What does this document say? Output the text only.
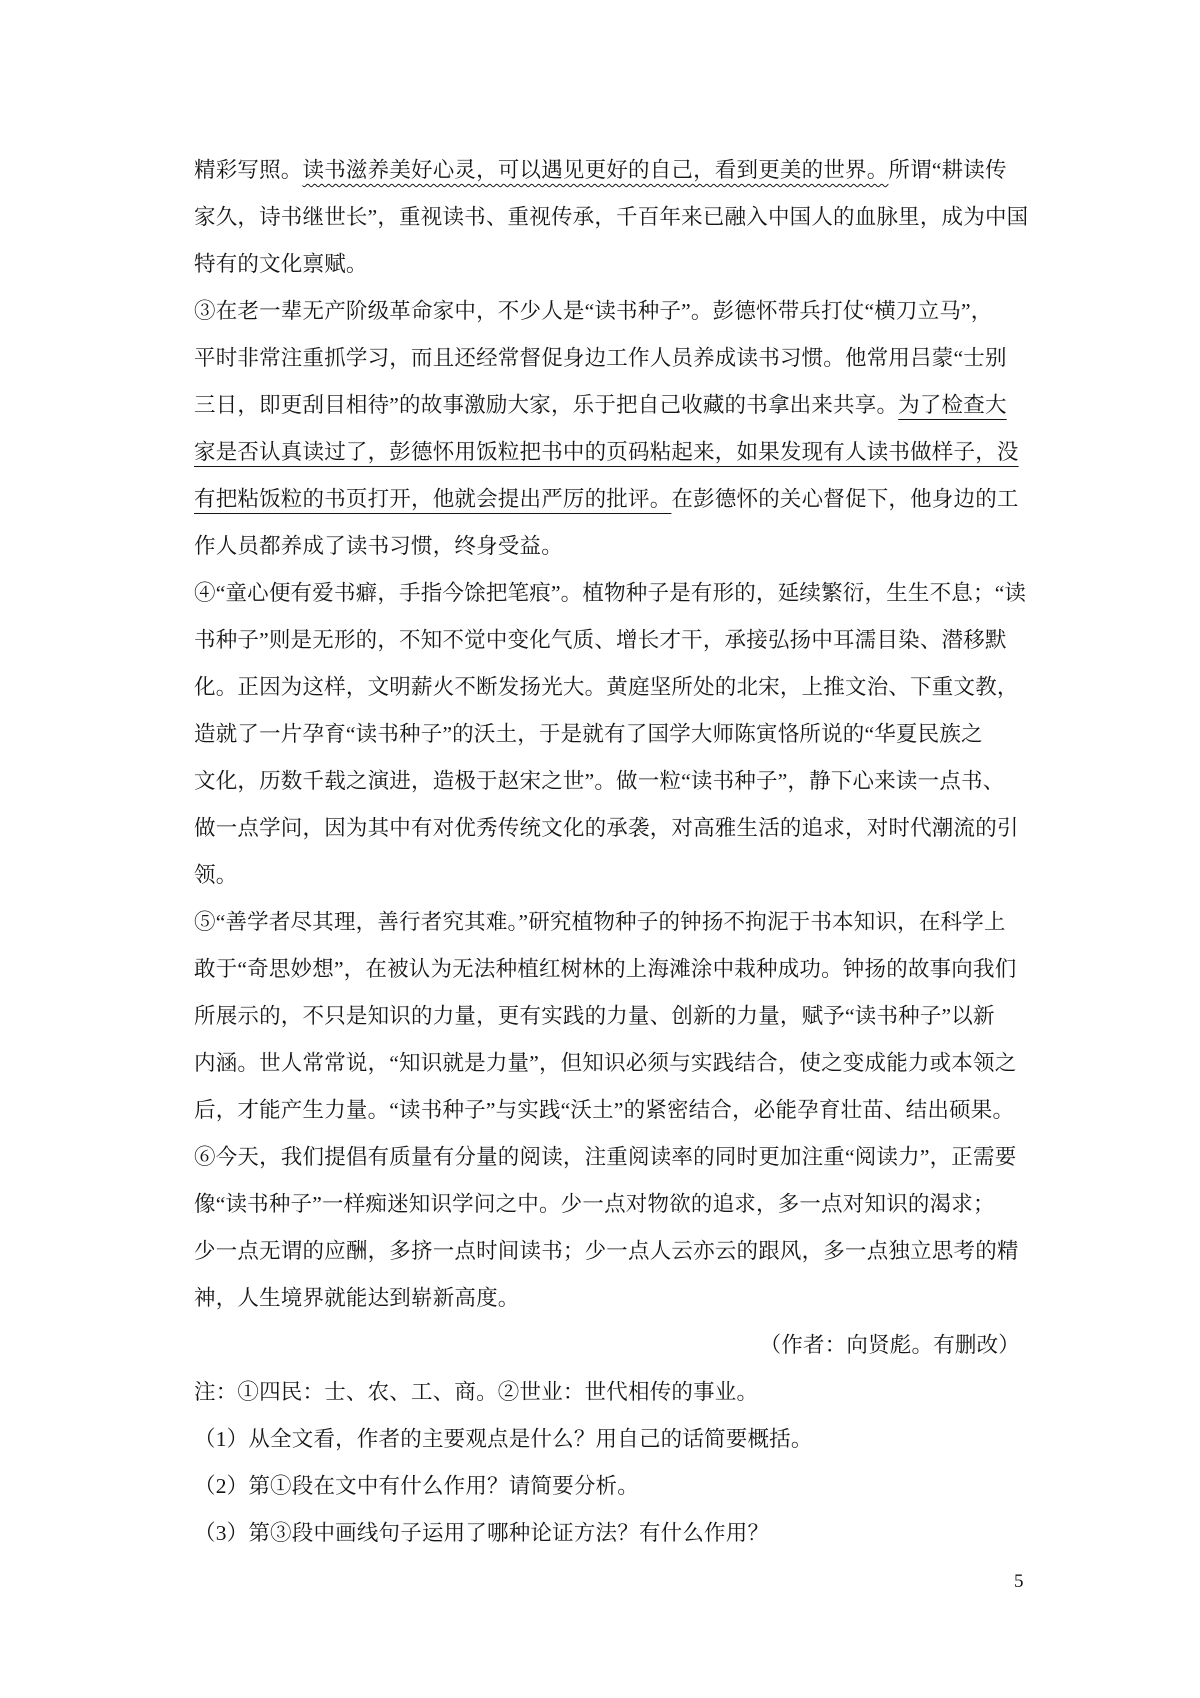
精彩写照。读书滋养美好心灵，可以遇见更好的自己，看到更美的世界。所谓“耕读传
家久，诗书继世长”，重视读书、重视传承，千百年来已融入中国人的血脉里，成为中国
特有的文化禀赋。
③在老一辈无产阶级革命家中，不少人是“读书种子”。彭德怀带兵打仗“横刀立马”，
平时非常注重抓学习，而且还经常督促身边工作人员养成读书习惯。他常用吕蒙“士别
三日，即更刮目相待”的故事激励大家，乐于把自己收藏的书拿出来共享。为了检查大
家是否认真读过了，彭德怀用饭粒把书中的页码粘起来，如果发现有人读书做样子，没
有把粘饭粒的书页打开，他就会提出严厉的批评。在彭德怀的关心督促下，他身边的工
作人员都养成了读书习惯，终身受益。
④“童心便有爱书癖，手指今馀把笔痕”。植物种子是有形的，延续繁衍，生生不息；“读
书种子”则是无形的，不知不觉中变化气质、增长才干，承接弘扬中耳濡目染、潜移默
化。正因为这样，文明薪火不断发扬光大。黄庭坚所处的北宋，上推文治、下重文教，
造就了一片孕育“读书种子”的沃土，于是就有了国学大师陈寅恪所说的“华夏民族之
文化，历数千载之演进，造极于赵宋之世”。做一粒“读书种子”，静下心来读一点书、
做一点学问，因为其中有对优秀传统文化的承袭，对高雅生活的追求，对时代潮流的引
领。
⑤“善学者尽其理，善行者究其难。”研究植物种子的钟扬不拘泥于书本知识，在科学上
敢于“奇思妙想”，在被认为无法种植红树林的上海滩涂中栽种成功。钟扬的故事向我们
所展示的，不只是知识的力量，更有实践的力量、创新的力量，赋予“读书种子”以新
内涵。世人常常说，“知识就是力量”，但知识必须与实践结合，使之变成能力或本领之
后，才能产生力量。“读书种子”与实践“沃土”的紧密结合，必能孕育壮苗、结出硕果。
⑥今天，我们提倡有质量有分量的阅读，注重阅读率的同时更加注重“阅读力”，正需要
像“读书种子”一样痴迷知识学问之中。少一点对物欲的追求，多一点对知识的渴求；
少一点无谓的应酬，多挤一点时间读书；少一点人云亦云的跟风，多一点独立思考的精
神，人生境界就能达到崭新高度。
（作者：向贤彪。有删改）
注：①四民：士、农、工、商。②世业：世代相传的事业。
（1）从全文看，作者的主要观点是什么？用自己的话简要概括。
（2）第①段在文中有什么作用？请简要分析。
（3）第③段中画线句子运用了哪种论证方法？有什么作用？
5
